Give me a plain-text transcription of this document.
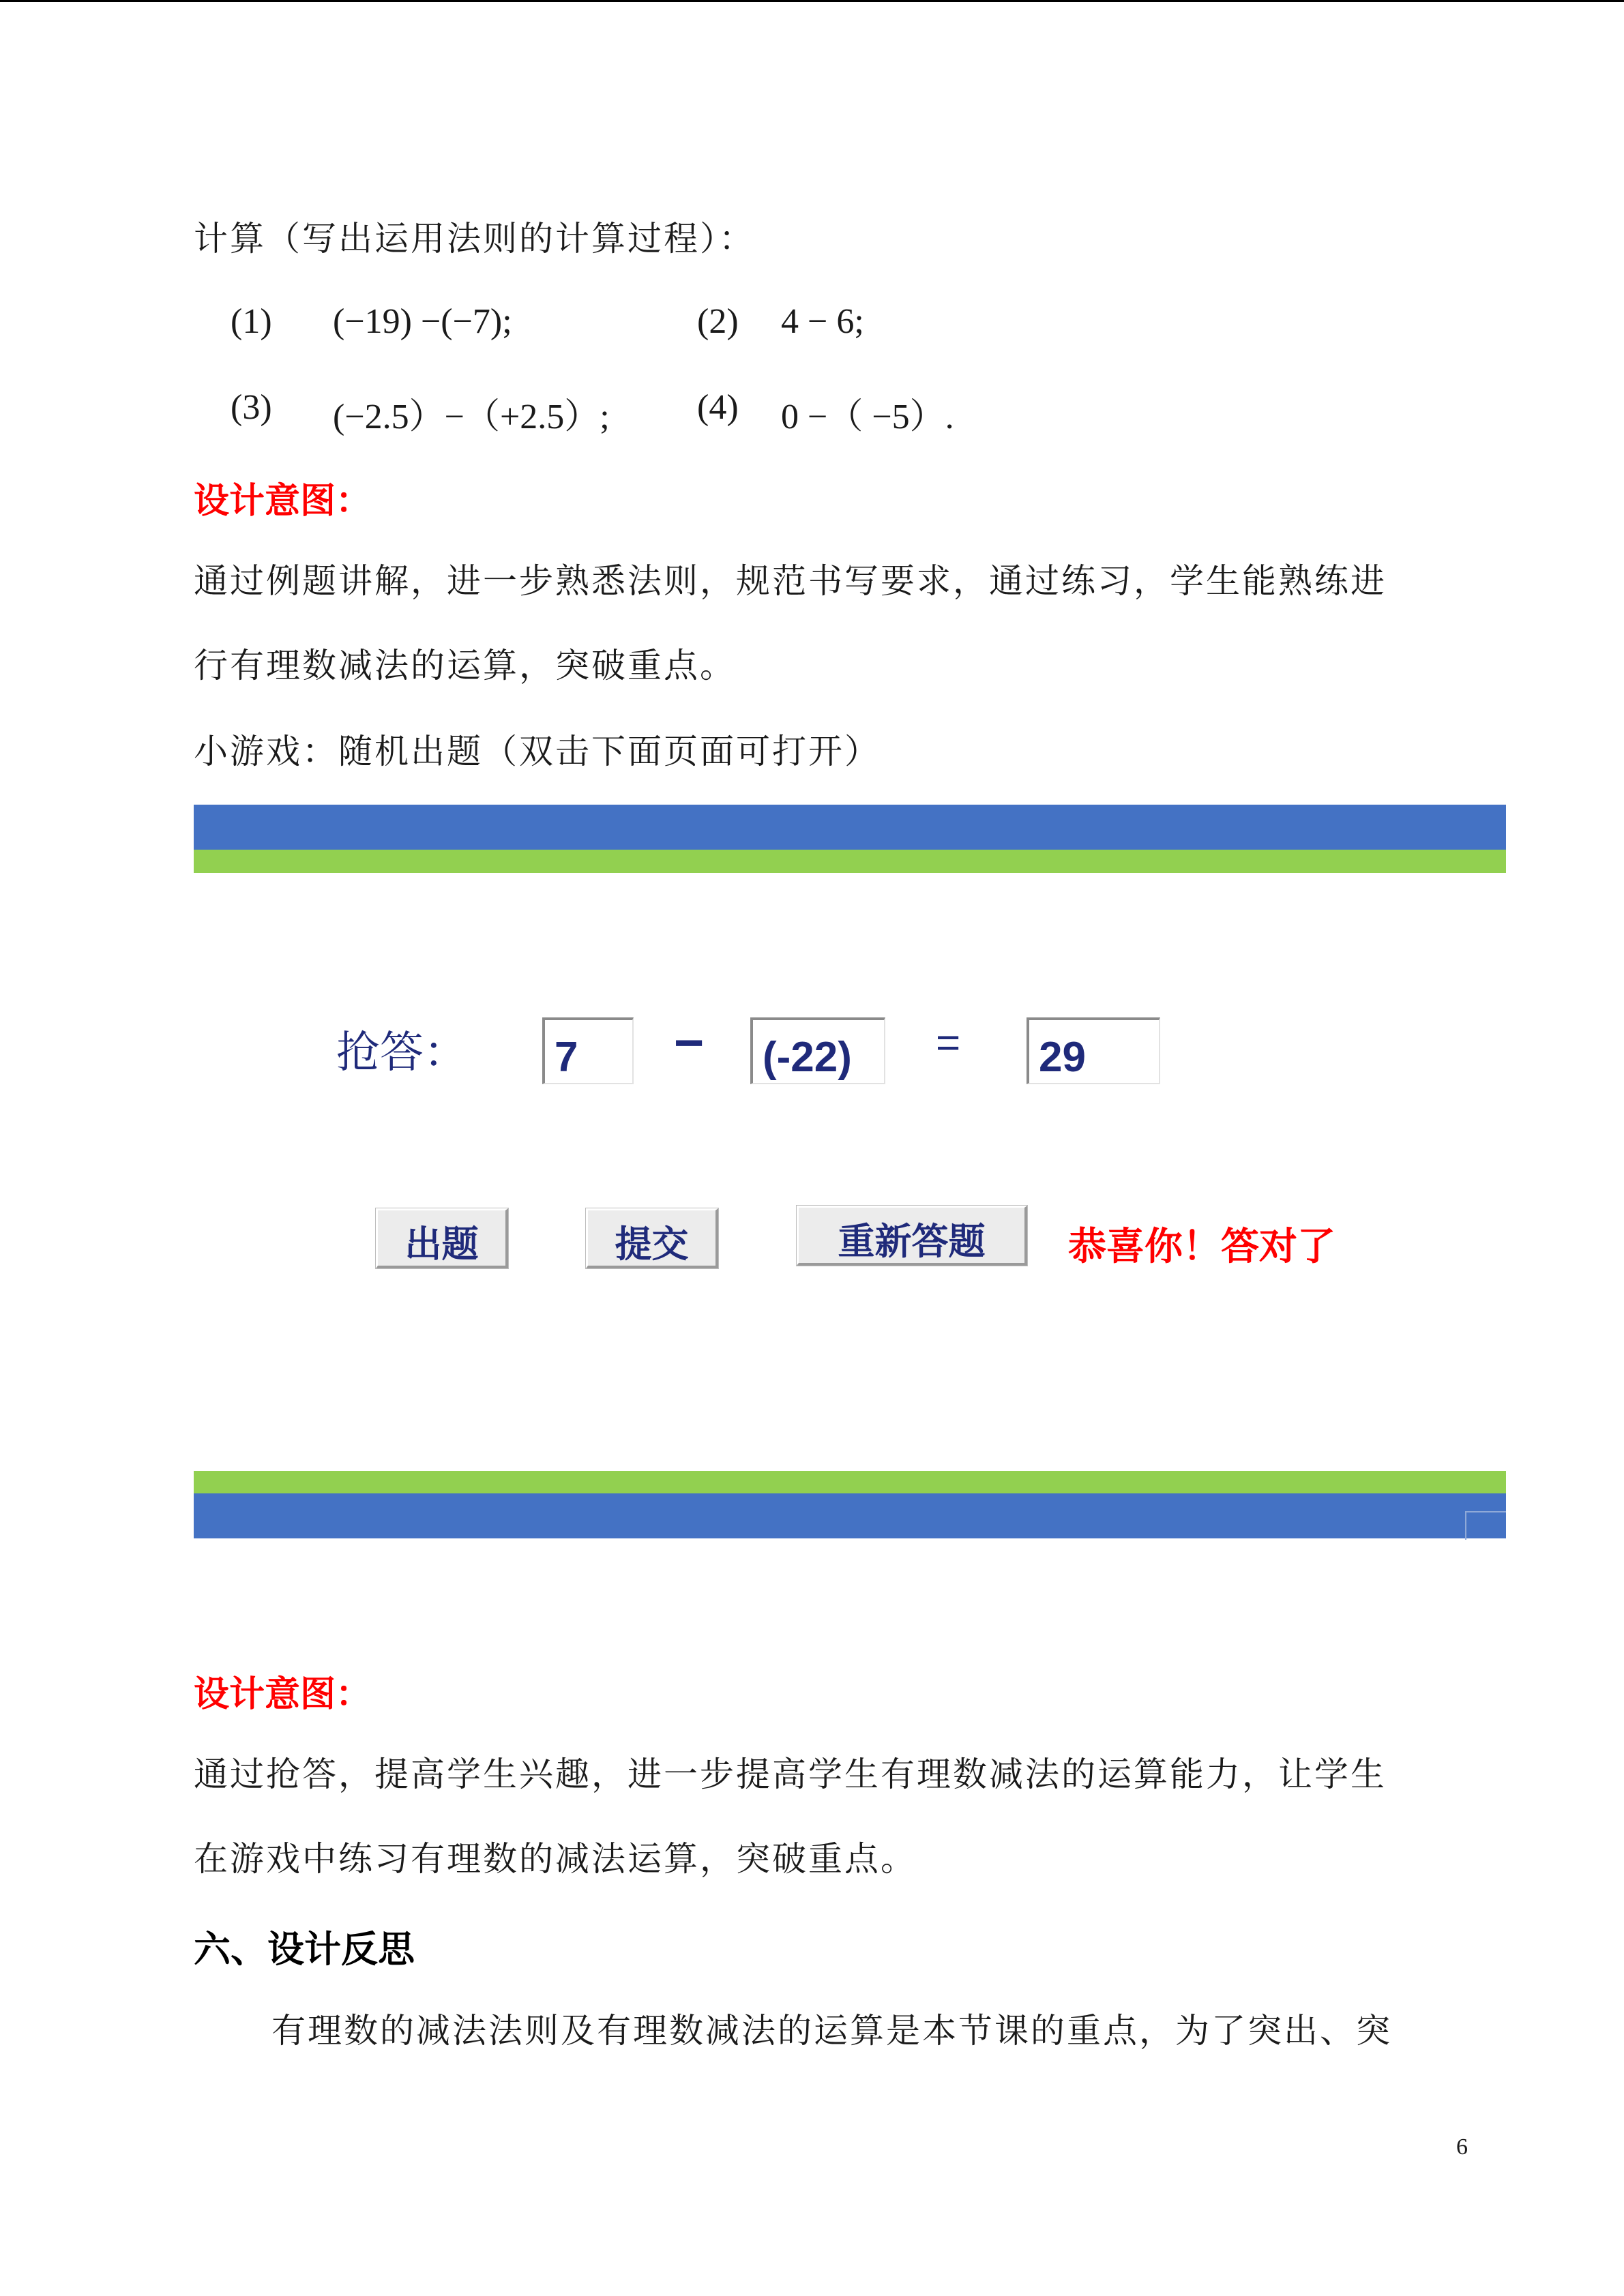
计算（写出运用法则的计算过程）：
(1) (−19) −(−7);	(2) 4 − 6;
(3) (−2.5）−（+2.5）; (4) 0 −（ −5）.
设计意图：
通过例题讲解，进一步熟悉法则，规范书写要求，通过练习，学生能熟练进
行有理数减法的运算，突破重点。
小游戏：随机出题（双击下面页面可打开）
抢答： 7	− (-22)	= 29
出题	提交	重新答题	恭喜你！答对了
设计意图：
通过抢答，提高学生兴趣，进一步提高学生有理数减法的运算能力，让学生
在游戏中练习有理数的减法运算，突破重点。
六、设计反思
有理数的减法法则及有理数减法的运算是本节课的重点，为了突出、突
6
